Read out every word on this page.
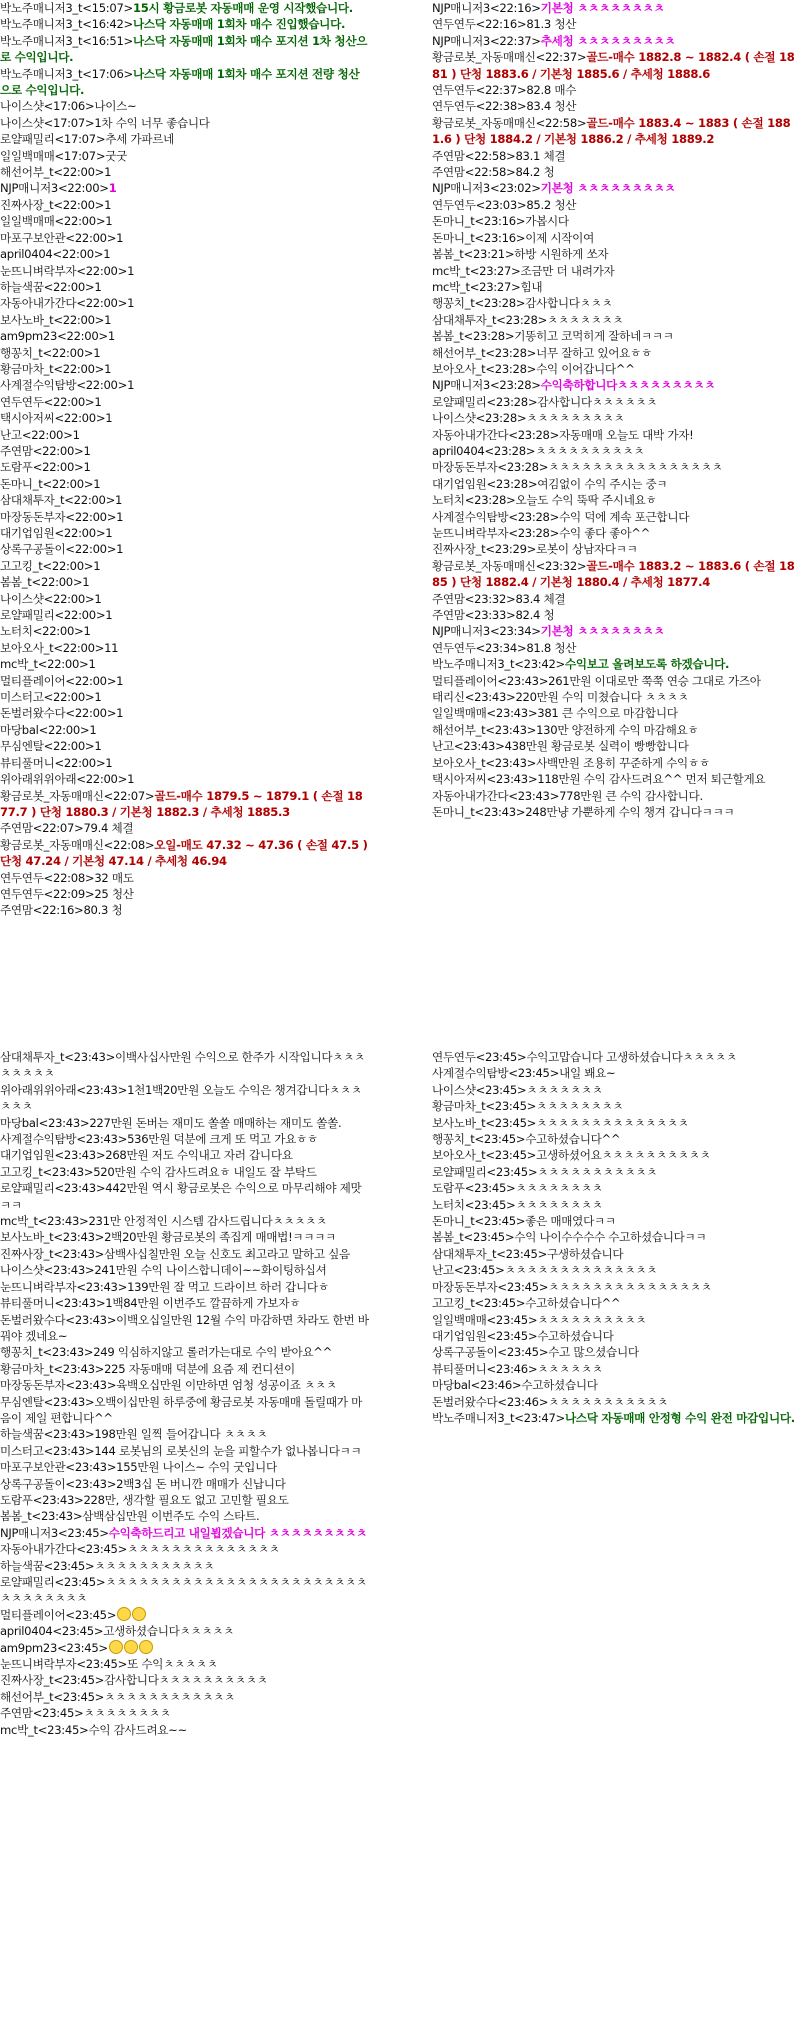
박노주매니저3_t<15:07>15시 황금로봇 자동매매 운영 시작했습니다.
박노주매니저3_t<16:42>나스닥 자동매매 1회차 매수 진입했습니다.
박노주매니저3_t<16:51>나스닥 자동매매 1회차 매수 포지션 1차 청산으로 수익입니다.
박노주매니저3_t<17:06>나스닥 자동매매 1회차 매수 포지션 전량 청산으로 수익입니다.
나이스샷<17:06>나이스~
나이스샷<17:07>1차 수익 너무 좋습니다
로얄패밀리<17:07>추세 가파르네
일일백매매<17:07>굿굿
해선어부_t<22:00>1
NJP매니저3<22:00>1
진짜사장_t<22:00>1
일일백매매<22:00>1
마포구보안관<22:00>1
april0404<22:00>1
눈뜨니벼락부자<22:00>1
하늘색꿈<22:00>1
자동아내가간다<22:00>1
보사노바_t<22:00>1
am9pm23<22:00>1
행꽁치_t<22:00>1
황금마차_t<22:00>1
사계절수익탐방<22:00>1
연두연두<22:00>1
택시아저씨<22:00>1
난고<22:00>1
주연맘<22:00>1
도람푸<22:00>1
돈마니_t<22:00>1
삼대채투자_t<22:00>1
마장동돈부자<22:00>1
대기업임원<22:00>1
상록구공돌이<22:00>1
고고킹_t<22:00>1
봄봄_t<22:00>1
나이스샷<22:00>1
로얄패밀리<22:00>1
노터치<22:00>1
보아오사_t<22:00>11
mc박_t<22:00>1
멀티플레이어<22:00>1
미스터고<22:00>1
돈벌러왔수다<22:00>1
마당bal<22:00>1
무심엔탈<22:00>1
뷰티풀머니<22:00>1
위아래위위아래<22:00>1
황금로봇_자동매매신<22:07>골드-매수 1879.5 ~ 1879.1 ( 손절 1877.7 ) 단청 1880.3 / 기본청 1882.3 / 추세청 1885.3
주연맘<22:07>79.4 체결
황금로봇_자동매매신<22:08>오일-매도 47.32 ~ 47.36 ( 손절 47.5 ) 단청 47.24 / 기본청 47.14 / 추세청 46.94
연두연두<22:08>32 매도
연두연두<22:09>25 청산
주연맘<22:16>80.3 청
NJP매니저3<22:16>기본청 ㅊㅊㅊㅊㅊㅊㅊㅊ
연두연두<22:16>81.3 청산
NJP매니저3<22:37>추세청 ㅊㅊㅊㅊㅊㅊㅊㅊㅊ
황금로봇_자동매매신<22:37>골드-매수 1882.8 ~ 1882.4 ( 손절 1881 ) 단청 1883.6 / 기본청 1885.6 / 추세청 1888.6
연두연두<22:37>82.8 매수
연두연두<22:38>83.4 청산
황금로봇_자동매매신<22:58>골드-매수 1883.4 ~ 1883 ( 손절 1881.6 ) 단청 1884.2 / 기본청 1886.2 / 추세청 1889.2
주연맘<22:58>83.1 체결
주연맘<22:58>84.2 청
NJP매니저3<23:02>기본청 ㅊㅊㅊㅊㅊㅊㅊㅊㅊ
연두연두<23:03>85.2 청산
돈마니_t<23:16>가봅시다
돈마니_t<23:16>이제 시작이여
봄봄_t<23:21>하방 시원하게 쏘자
mc박_t<23:27>조금만 더 내려가자
mc박_t<23:27>힘내
행꽁치_t<23:28>감사합니다ㅊㅊㅊ
삼대채투자_t<23:28>ㅊㅊㅊㅊㅊㅊㅊ
봄봄_t<23:28>기똥히고 코먹히게 잘하네ㅋㅋㅋ
해선어부_t<23:28>너무 잘하고 있어요ㅎㅎ
보아오사_t<23:28>수익 이어갑니다^^
NJP매니저3<23:28>수익축하합니다ㅊㅊㅊㅊㅊㅊㅊㅊㅊ
로얄패밀리<23:28>감사합니다ㅊㅊㅊㅊㅊㅊ
나이스샷<23:28>ㅊㅊㅊㅊㅊㅊㅊㅊㅊ
자동아내가간다<23:28>자동매매 오늘도 대박 가자!
april0404<23:28>ㅊㅊㅊㅊㅊㅊㅊㅊㅊㅊ
마장동돈부자<23:28>ㅊㅊㅊㅊㅊㅊㅊㅊㅊㅊㅊㅊㅊㅊㅊㅊ
대기업임원<23:28>여김없이 수익 주시는 중ㅋ
노터치<23:28>오늘도 수익 뚝딱 주시네요ㅎ
사계절수익탐방<23:28>수익 덕에 계속 포근합니다
눈뜨니벼락부자<23:28>수익 좋다 좋아^^
진짜사장_t<23:29>로봇이 상남자다ㅋㅋ
황금로봇_자동매매신<23:32>골드-매수 1883.2 ~ 1883.6 ( 손절 1885 ) 단청 1882.4 / 기본청 1880.4 / 추세청 1877.4
주연맘<23:32>83.4 체결
주연맘<23:33>82.4 청
NJP매니저3<23:34>기본청 ㅊㅊㅊㅊㅊㅊㅊㅊ
연두연두<23:34>81.8 청산
박노주매니저3_t<23:42>수익보고 올려보도록 하겠습니다.
멀티플레이어<23:43>261만원 이대로만 쭉쭉 연승 그대로 가즈아
태리신<23:43>220만원 수익 미쳤습니다 ㅊㅊㅊㅊ
일일백매매<23:43>381 큰 수익으로 마감합니다
해선어부_t<23:43>130만 양전하게 수익 마감해요ㅎ
난고<23:43>438만원 황금로봇 실력이 빵빵합니다
보아오사_t<23:43>사백만원 조용히 꾸준하게 수익ㅎㅎ
택시아저씨<23:43>118만원 수익 감사드려요^^ 먼저 퇴근할게요
자동아내가간다<23:43>778만원 큰 수익 감사합니다.
돈마니_t<23:43>248만냥 가뿐하게 수익 챙겨 갑니다ㅋㅋㅋ
삼대채투자_t<23:43>이백사십사만원 수익으로 한주가 시작입니다ㅊㅊㅊㅊㅊㅊㅊㅊ
위아래위위아래<23:43>1천1백20만원 오늘도 수익은 챙겨갑니다ㅊㅊㅊㅊㅊㅊ
마당bal<23:43>227만원 돈버는 재미도 쏠쏠 매매하는 재미도 쏠쏠.
사계절수익탐방<23:43>536만원 덕분에 크게 또 먹고 가요ㅎㅎ
대기업임원<23:43>268만원 저도 수익내고 자러 갑니다요
고고킹_t<23:43>520만원 수익 감사드려요ㅎ 내일도 잘 부탁드
로얄패밀리<23:43>442만원 역시 황금로봇은 수익으로 마무리해야 제맛ㅋㅋ
mc박_t<23:43>231만 안정적인 시스템 감사드립니다ㅊㅊㅊㅊㅊ
보사노바_t<23:43>2백20만원 황금로봇의 족집게 매매법!ㅋㅋㅋㅋ
진짜사장_t<23:43>삼백사십칠만원 오늘 신호도 최고라고 말하고 싶음
나이스샷<23:43>241만원 수익 나이스합니데이~~화이팅하십셔
눈뜨니벼락부자<23:43>139만원 잘 먹고 드라이브 하러 갑니다ㅎ
뷰티풀머니<23:43>1백84만원 이번주도 깔끔하게 가보자ㅎ
돈벌러왔수다<23:43>이백오십일만원 12월 수익 마감하면 차라도 한번 바꿔야 겠네요~
행꽁치_t<23:43>249 익심하지않고 롤러가는대로 수익 받아요^^
황금마차_t<23:43>225 자동매매 덕분에 요즘 제 컨디션이
마장동돈부자<23:43>육백오십만원 이만하면 엄청 성공이죠 ㅊㅊㅊ
무심엔탈<23:43>오백이십만원 하루중에 황금로봇 자동매매 돌릴때가 마음이 제일 편합니다^^
하늘색꿈<23:43>198만원 일찍 들어갑니다 ㅊㅊㅊㅊ
미스터고<23:43>144 로봇님의 로봇신의 눈을 피할수가 없나봅니다ㅋㅋ
마포구보안관<23:43>155만원 나이스~ 수익 굿입니다
상록구공돌이<23:43>2백3십 돈 버니깐 매매가 신납니다
도람푸<23:43>228만, 생각할 필요도 없고 고민할 필요도
봄봄_t<23:43>삼백삼십만원 이번주도 수익 스타트.
NJP매니저3<23:45>수익축하드리고 내일뵙겠습니다 ㅊㅊㅊㅊㅊㅊㅊㅊㅊ
자동아내가간다<23:45>ㅊㅊㅊㅊㅊㅊㅊㅊㅊㅊㅊㅊㅊㅊ
하늘색꿈<23:45>ㅊㅊㅊㅊㅊㅊㅊㅊㅊㅊㅊ
로얄패밀리<23:45>ㅊㅊㅊㅊㅊㅊㅊㅊㅊㅊㅊㅊㅊㅊㅊㅊㅊㅊㅊㅊㅊㅊㅊㅊㅊㅊㅊㅊㅊㅊㅊㅊ
멀티플레이어<23:45>
april0404<23:45>고생하셨습니다ㅊㅊㅊㅊㅊ
am9pm23<23:45>
눈뜨니벼락부자<23:45>또 수익ㅊㅊㅊㅊㅊ
진짜사장_t<23:45>감사합니다ㅊㅊㅊㅊㅊㅊㅊㅊㅊㅊ
해선어부_t<23:45>ㅊㅊㅊㅊㅊㅊㅊㅊㅊㅊㅊㅊ
주연맘<23:45>ㅊㅊㅊㅊㅊㅊㅊㅊ
mc박_t<23:45>수익 감사드려요~~
연두연두<23:45>수익고맙습니다 고생하셨습니다ㅊㅊㅊㅊㅊ
사계절수익탐방<23:45>내일 봬요~
나이스샷<23:45>ㅊㅊㅊㅊㅊㅊㅊ
황금마차_t<23:45>ㅊㅊㅊㅊㅊㅊㅊㅊ
보사노바_t<23:45>ㅊㅊㅊㅊㅊㅊㅊㅊㅊㅊㅊㅊㅊㅊ
행꽁치_t<23:45>수고하셨습니다^^
보아오사_t<23:45>고생하셨어요ㅊㅊㅊㅊㅊㅊㅊㅊㅊㅊ
로얄패밀리<23:45>ㅊㅊㅊㅊㅊㅊㅊㅊㅊㅊㅊ
도람푸<23:45>ㅊㅊㅊㅊㅊㅊㅊㅊ
노터치<23:45>ㅊㅊㅊㅊㅊㅊㅊㅊ
돈마니_t<23:45>좋은 매매였다ㅋㅋ
봄봄_t<23:45>수익 나이수수수수 수고하셨습니다ㅋㅋ
삼대채투자_t<23:45>구생하셨습니다
난고<23:45>ㅊㅊㅊㅊㅊㅊㅊㅊㅊㅊㅊㅊㅊㅊ
마장동돈부자<23:45>ㅊㅊㅊㅊㅊㅊㅊㅊㅊㅊㅊㅊㅊㅊㅊ
고고킹_t<23:45>수고하셨습니다^^
일일백매매<23:45>ㅊㅊㅊㅊㅊㅊㅊㅊㅊㅊ
대기업임원<23:45>수고하셨습니다
상록구공돌이<23:45>수고 많으셨습니다
뷰티풀머니<23:46>ㅊㅊㅊㅊㅊㅊ
마당bal<23:46>수고하셨습니다
돈벌러왔수다<23:46>ㅊㅊㅊㅊㅊㅊㅊㅊㅊㅊㅊ
박노주매니저3_t<23:47>나스닥 자동매매 안정형 수익 완전 마감입니다.
